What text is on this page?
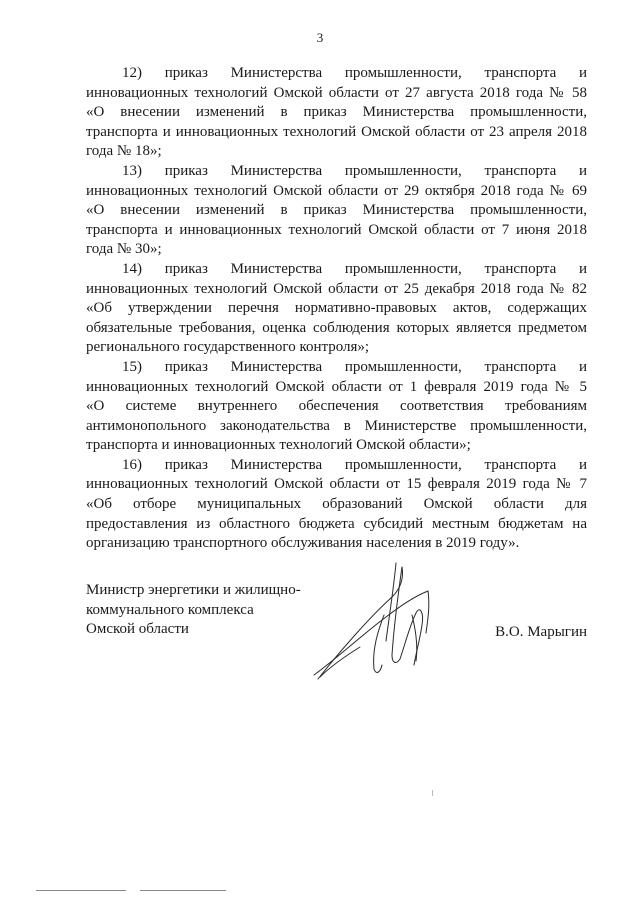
3
12) приказ Министерства промышленности, транспорта и
инновационных технологий Омской области от 27 августа 2018 года № 58
«О внесении изменений в приказ Министерства промышленности,
транспорта и инновационных технологий Омской области от 23 апреля 2018
года № 18»;
13) приказ Министерства промышленности, транспорта и
инновационных технологий Омской области от 29 октября 2018 года № 69
«О внесении изменений в приказ Министерства промышленности,
транспорта и инновационных технологий Омской области от 7 июня 2018
года № 30»;
14) приказ Министерства промышленности, транспорта и
инновационных технологий Омской области от 25 декабря 2018 года № 82
«Об утверждении перечня нормативно-правовых актов, содержащих
обязательные требования, оценка соблюдения которых является предметом
регионального государственного контроля»;
15) приказ Министерства промышленности, транспорта и
инновационных технологий Омской области от 1 февраля 2019 года № 5
«О системе внутреннего обеспечения соответствия требованиям
антимонопольного законодательства в Министерстве промышленности,
транспорта и инновационных технологий Омской области»;
16) приказ Министерства промышленности, транспорта и
инновационных технологий Омской области от 15 февраля 2019 года № 7
«Об отборе муниципальных образований Омской области для
предоставления из областного бюджета субсидий местным бюджетам на
организацию транспортного обслуживания населения в 2019 году».
Министр энергетики и жилищно-
коммунального комплекса
Омской области	В.О. Марыгин
